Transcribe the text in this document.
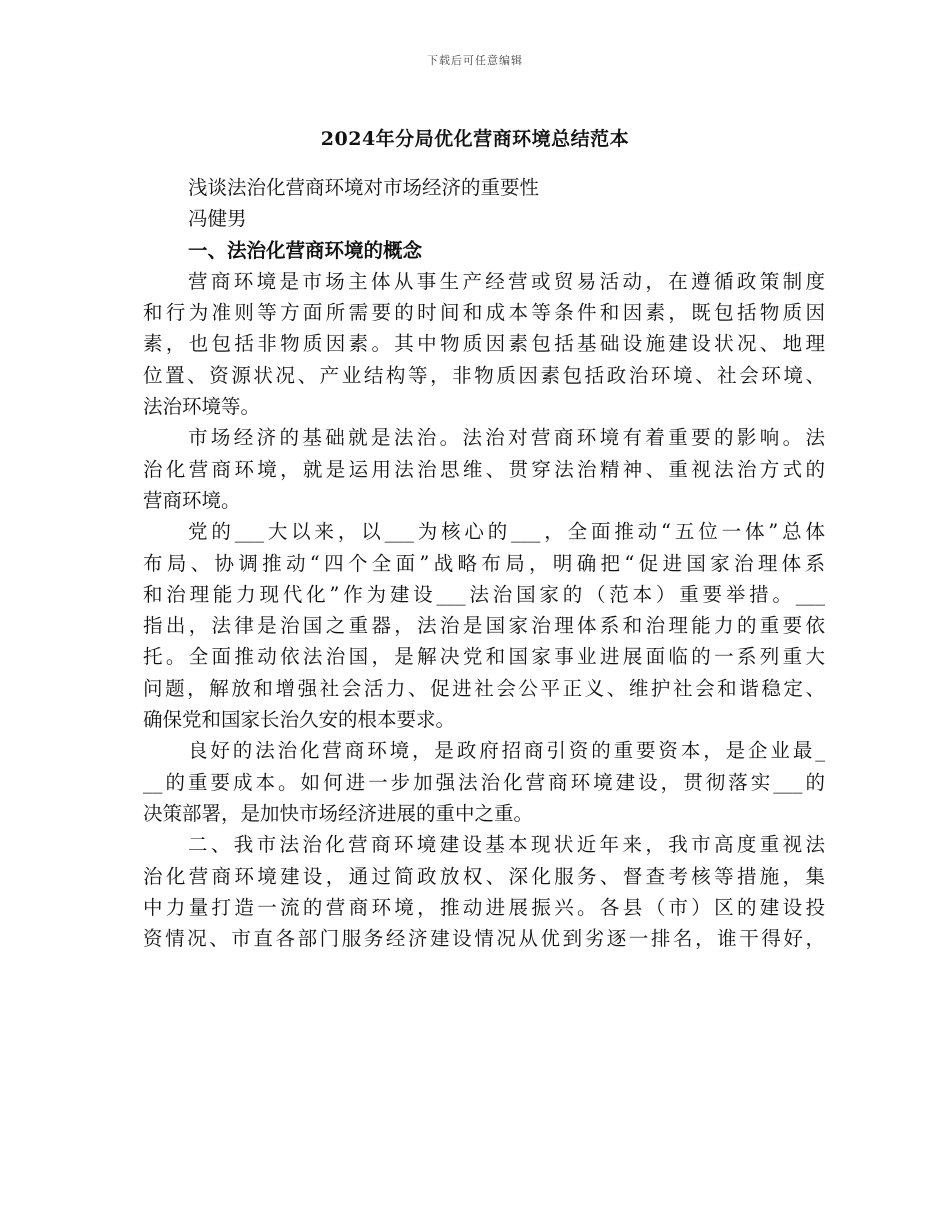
下载后可任意编辑
2024年分局优化营商环境总结范本
浅谈法治化营商环境对市场经济的重要性
冯健男
一、法治化营商环境的概念
营商环境是市场主体从事生产经营或贸易活动，在遵循政策制度
和行为准则等方面所需要的时间和成本等条件和因素，既包括物质因
素，也包括非物质因素。其中物质因素包括基础设施建设状况、地理
位置、资源状况、产业结构等，非物质因素包括政治环境、社会环境、
法治环境等。
市场经济的基础就是法治。法治对营商环境有着重要的影响。法
治化营商环境，就是运用法治思维、贯穿法治精神、重视法治方式的
营商环境。
党的___大以来，以___为核心的___，全面推动“五位一体”总体
布局、协调推动“四个全面”战略布局，明确把“促进国家治理体系
和治理能力现代化”作为建设___法治国家的（范本）重要举措。___
指出，法律是治国之重器，法治是国家治理体系和治理能力的重要依
托。全面推动依法治国，是解决党和国家事业进展面临的一系列重大
问题，解放和增强社会活力、促进社会公平正义、维护社会和谐稳定、
确保党和国家长治久安的根本要求。
良好的法治化营商环境，是政府招商引资的重要资本，是企业最_
__的重要成本。如何进一步加强法治化营商环境建设，贯彻落实___的
决策部署，是加快市场经济进展的重中之重。
二、我市法治化营商环境建设基本现状近年来，我市高度重视法
治化营商环境建设，通过简政放权、深化服务、督查考核等措施，集
中力量打造一流的营商环境，推动进展振兴。各县（市）区的建设投
资情况、市直各部门服务经济建设情况从优到劣逐一排名，谁干得好，
